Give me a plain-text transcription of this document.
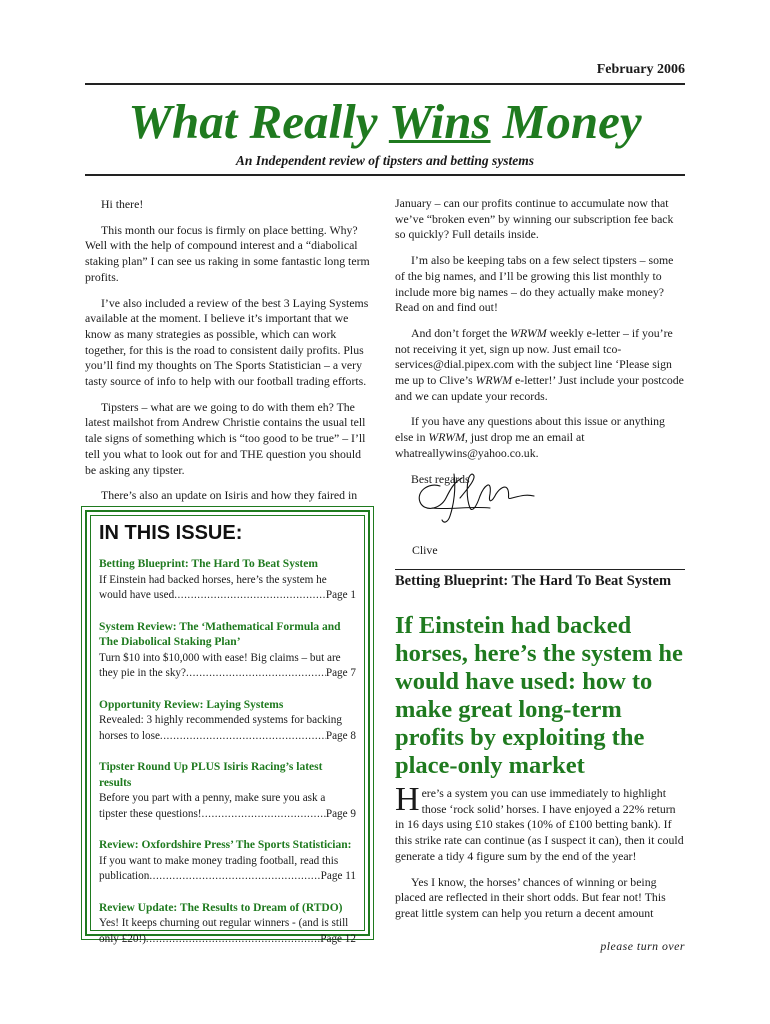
February 2006
What Really Wins Money
An Independent review of tipsters and betting systems

Hi there!

This month our focus is firmly on place betting. Why? Well with the help of compound interest and a “diabolical staking plan” I can see us raking in some fantastic long term profits.

I’ve also included a review of the best 3 Laying Systems available at the moment. I believe it’s important that we know as many strategies as possible, which can work together, for this is the road to consistent daily profits. Plus you’ll find my thoughts on The Sports Statistician – a very tasty source of info to help with our football trading efforts.

Tipsters – what are we going to do with them eh? The latest mailshot from Andrew Christie contains the usual tell tale signs of something which is “too good to be true” – I’ll tell you what to look out for and THE question you should be asking any tipster.

There’s also an update on Isiris and how they faired in

IN THIS ISSUE:
Betting Blueprint: The Hard To Beat System
If Einstein had backed horses, here’s the system he
would have used .....	Page 1
System Review: The ‘Mathematical Formula and The Diabolical Staking Plan’
Turn $10 into $10,000 with ease! Big claims – but are
they pie in the sky? .....	Page 7
Opportunity Review: Laying Systems
Revealed: 3 highly recommended systems for backing
horses to lose .....	Page 8
Tipster Round Up PLUS Isiris Racing’s latest results
Before you part with a penny, make sure you ask a
tipster these questions! .....	Page 9
Review: Oxfordshire Press’ The Sports Statistician:
If you want to make money trading football, read this
publication .....	Page 11
Review Update: The Results to Dream of (RTDO)
Yes! It keeps churning out regular winners - (and is still
only £20!) .....	Page 12

January – can our profits continue to accumulate now that we’ve “broken even” by winning our subscription fee back so quickly? Full details inside.

I’m also be keeping tabs on a few select tipsters – some of the big names, and I’ll be growing this list monthly to include more big names – do they actually make money? Read on and find out!

And don’t forget the WRWM weekly e-letter – if you’re not receiving it yet, sign up now. Just email tco-services@dial.pipex.com with the subject line ‘Please sign me up to Clive’s WRWM e-letter!’ Just include your postcode and we can update your records.

If you have any questions about this issue or anything else in WRWM, just drop me an email at whatreallywins@yahoo.co.uk.

Best regards

Clive
Betting Blueprint: The Hard To Beat System
If Einstein had backed horses, here’s the system he would have used: how to make great long-term profits by exploiting the place-only market

Here’s a system you can use immediately to highlight those ‘rock solid’ horses. I have enjoyed a 22% return in 16 days using £10 stakes (10% of £100 betting bank). If this strike rate can continue (as I suspect it can), then it could generate a tidy 4 figure sum by the end of the year!

Yes I know, the horses’ chances of winning or being placed are reflected in their short odds. But fear not! This great little system can help you return a decent amount

please turn over
